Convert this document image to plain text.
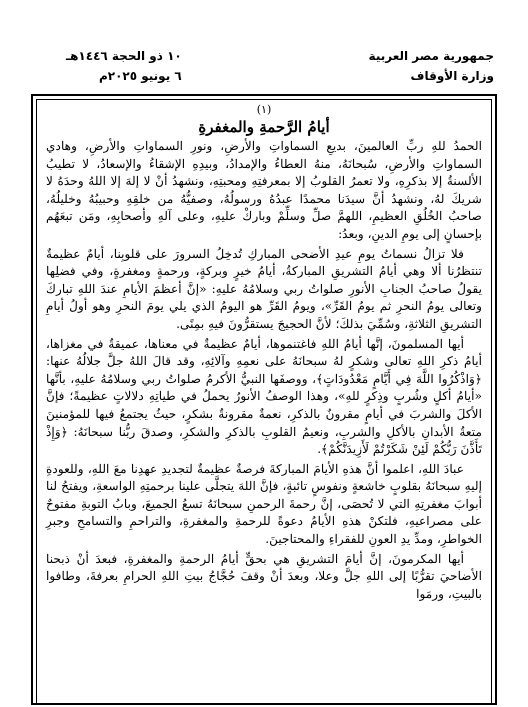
جمهورية مصر العربية
وزارة الأوقاف
١٠ ذو الحجة ١٤٤٦هـ
٦ يونيو ٢٠٢٥م
(١)
أيامُ الرَّحمةِ والمغفرةِ

الحمدُ للهِ ربِّ العالمينَ، بديعِ السماواتِ والأرضِ، ونورِ السماواتِ والأرضِ، وهادي السماواتِ والأرضِ، سُبحانَهُ، منهُ العطاءُ والإمدادُ، وبيدِهِ الإشقاءُ والإسعادُ، لا تطيبُ الألسنةُ إلا بذكرِهِ، ولا تعمرُ القلوبُ إلا بمعرفتِهِ ومحبتِهِ، ونشهدُ أنْ لا إلهَ إلا اللهُ وحدَهُ لا شريكَ لهُ، ونشهدُ أنَّ سيدَنا محمدًا عبدُهُ ورسولُهُ، وصفيُّهُ من خلقِهِ وحبيبُهُ وخليلُهُ، صاحبُ الخُلُقِ العظيمِ، اللهمَّ صلِّ وسلِّمْ وباركْ عليهِ، وعلى آلهِ وأصحابِهِ، ومَن تبعَهُم بإحسانٍ إلى يومِ الدينِ، وبعدُ:

فلا تزالُ نسماتُ يومِ عيدِ الأضحى المباركِ تُدخِلُ السرورَ على قلوبِنا، أيامٌ عظيمةٌ تنتظرُنا ألا وهي أيامُ التشريقِ المباركةُ، أيامُ خيرٍ وبركةٍ، ورحمةٍ ومغفرةٍ، وفي فضلِها يقولُ صاحبُ الجنابِ الأنورِ صلواتُ ربي وسلامُهُ عليهِ: «إنَّ أعظمَ الأيامِ عندَ اللهِ تباركَ وتعالى يومُ النحرِ ثم يومُ القَرِّ»، ويومُ القَرِّ هو اليومُ الذي يلي يومَ النحرِ وهو أولُ أيامِ التشريقِ الثلاثةِ، وسُمِّيَ بذلكَ؛ لأنَّ الحجيجَ يستقرُّونَ فيهِ بمِنًى.

أيها المسلمونَ، إنَّها أيامُ اللهِ فاغتنموها، أيامٌ عظيمةٌ في معناها، عميقةٌ في مغزاها، أيامُ ذكرِ اللهِ تعالى وشكرٍ لهُ سبحانَهُ على نعمِهِ وآلائِهِ، وقد قالَ اللهُ جلَّ جلالُهُ عنها: ﴿وَاذْكُرُوا اللَّهَ فِي أَيَّامٍ مَعْدُودَاتٍ﴾، ووصفَها النبيُّ الأكرمُ صلواتُ ربي وسلامُهُ عليهِ، بأنَّها «أيامُ أكلٍ وشُربٍ وذِكرٍ للهِ»، وهذا الوصفُ الأنورُ يحملُ في طياتِهِ دلالاتٍ عظيمةً؛ فإنَّ الأكلَ والشربَ في أيامٍ مقرونٌ بالذكرِ، نعمةٌ مقرونةٌ بشكرٍ، حيثُ يجتمعُ فيها للمؤمنينَ متعةُ الأبدانِ بالأكلِ والشربِ، ونعيمُ القلوبِ بالذكرِ والشكرِ، وصدقَ ربُّنا سبحانَهُ: ﴿وَإِذْ تَأَذَّنَ رَبُّكُمْ لَئِنْ شَكَرْتُمْ لَأَزِيدَنَّكُمْ﴾.

عبادَ اللهِ، اعلموا أنَّ هذهِ الأيامَ المباركةَ فرصةٌ عظيمةٌ لتجديدِ عهدِنا معَ اللهِ، وللعودةِ إليهِ سبحانَهُ بقلوبٍ خاشعةٍ ونفوسٍ تائبةٍ، فإنَّ اللهَ يتجلَّى علينا برحمتِهِ الواسعةِ، ويفتحُ لنا أبوابَ مغفرتِهِ التي لا تُحصَى، إنَّ رحمةَ الرحمنِ سبحانَهُ تسعُ الجميعَ، وبابُ التوبةِ مفتوحٌ على مصراعيهِ، فلتكنْ هذهِ الأيامُ دعوةً للرحمةِ والمغفرةِ، والتراحمِ والتسامحِ وجبرِ الخواطرِ، ومدِّ يدِ العونِ للفقراءِ والمحتاجينَ.

أيها المكرمونَ، إنَّ أيامَ التشريقِ هي بحقٍّ أيامُ الرحمةِ والمغفرةِ، فبعدَ أنْ ذبحنا الأضاحيَ تقرُّبًا إلى اللهِ جلَّ وعلا، وبعدَ أنْ وقفَ حُجَّاجُ بيتِ اللهِ الحرامِ بعرفةَ، وطافوا بالبيتِ، ورمَوا
